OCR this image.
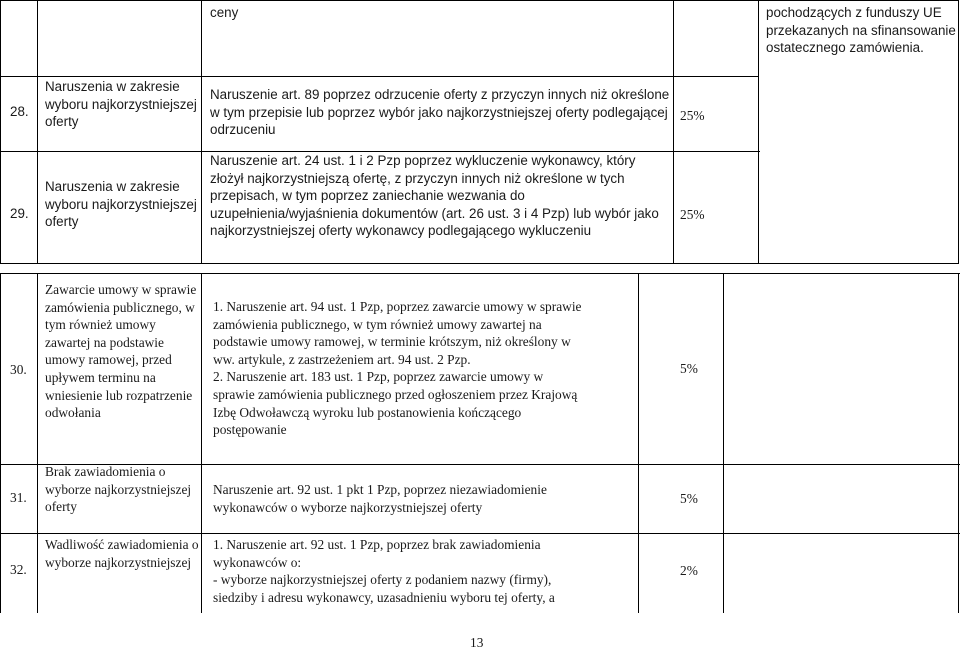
ceny	pochodzących z funduszy UE przekazanych na sfinansowanie ostatecznego zamówienia.
28.
Naruszenia w zakresie wyboru najkorzystniejszej oferty
Naruszenie art. 89 poprzez odrzucenie oferty z przyczyn innych niż określone w tym przepisie lub poprzez wybór jako najkorzystniejszej oferty podlegającej odrzuceniu
25%
29.
Naruszenia w zakresie wyboru najkorzystniejszej oferty
Naruszenie art. 24 ust. 1 i 2 Pzp poprzez wykluczenie wykonawcy, który złożył najkorzystniejszą ofertę, z przyczyn innych niż określone w tych przepisach, w tym poprzez zaniechanie wezwania do uzupełnienia/wyjaśnienia dokumentów (art. 26 ust. 3 i 4 Pzp) lub wybór jako najkorzystniejszej oferty wykonawcy podlegającego wykluczeniu
25%
30.
Zawarcie umowy w sprawie zamówienia publicznego, w tym również umowy zawartej na podstawie umowy ramowej, przed upływem terminu na wniesienie lub rozpatrzenie odwołania
1. Naruszenie art. 94 ust. 1 Pzp, poprzez zawarcie umowy w sprawie
zamówienia publicznego, w tym również umowy zawartej na
podstawie umowy ramowej, w terminie krótszym, niż określony w
ww. artykule, z zastrzeżeniem art. 94 ust. 2 Pzp.
2. Naruszenie art. 183 ust. 1 Pzp, poprzez zawarcie umowy w
sprawie zamówienia publicznego przed ogłoszeniem przez Krajową
Izbę Odwoławczą wyroku lub postanowienia kończącego
postępowanie
5%
31.
Brak zawiadomienia o wyborze najkorzystniejszej oferty
Naruszenie art. 92 ust. 1 pkt 1 Pzp, poprzez niezawiadomienie
wykonawców o wyborze najkorzystniejszej oferty
5%
32.
Wadliwość zawiadomienia o wyborze najkorzystniejszej
1. Naruszenie art. 92 ust. 1 Pzp, poprzez brak zawiadomienia
wykonawców o:
- wyborze najkorzystniejszej oferty z podaniem nazwy (firmy),
siedziby i adresu wykonawcy, uzasadnieniu wyboru tej oferty, a
2%
13
